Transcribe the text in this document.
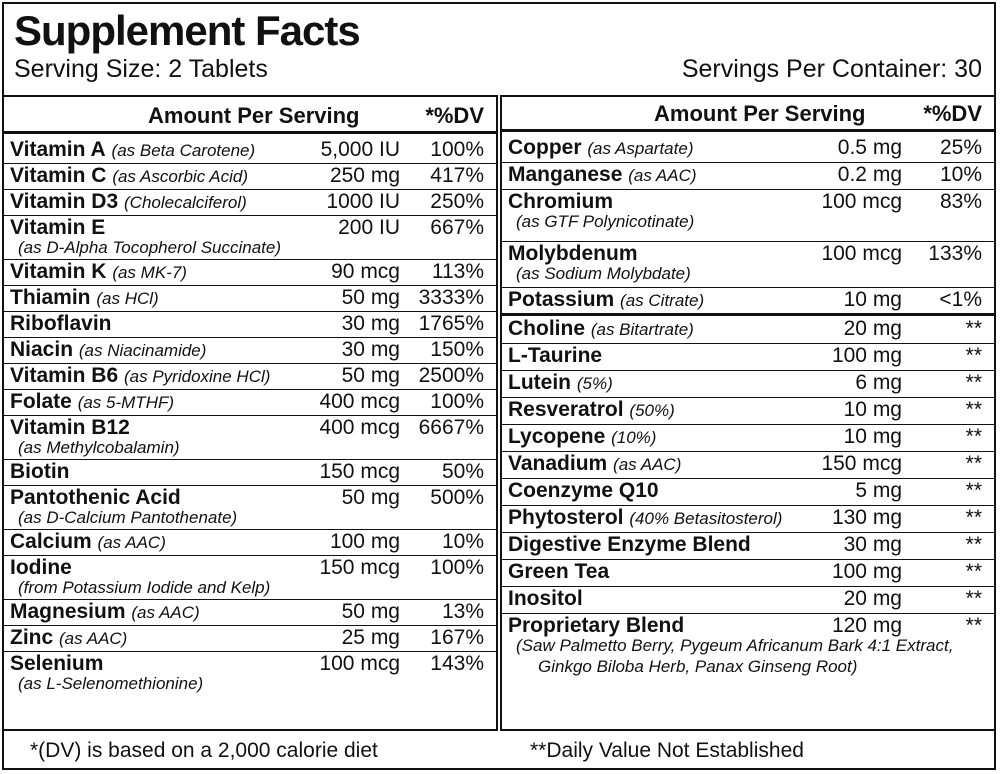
Supplement Facts
Serving Size: 2 Tablets	Servings Per Container: 30
Amount Per Serving	*%DV
Vitamin A (as Beta Carotene)	5,000 IU 100%
Vitamin C (as Ascorbic Acid)	250 mg 417%
Vitamin D3 (Cholecalciferol)	1000 IU 250%
Vitamin E
(as D-Alpha Tocopherol Succinate)
200 IU 667%
Vitamin K (as MK-7)	90 mcg 113%
Thiamin (as HCl)	50 mg 3333%
Riboflavin	30 mg 1765%
Niacin (as Niacinamide)	30 mg 150%
Vitamin B6 (as Pyridoxine HCl)	50 mg 2500%
Folate (as 5-MTHF)	400 mcg 100%
Vitamin B12
(as Methylcobalamin)
400 mcg 6667%
Biotin	150 mcg 50%
Pantothenic Acid
(as D-Calcium Pantothenate)
50 mg 500%
Calcium (as AAC)	100 mg 10%
Iodine
(from Potassium Iodide and Kelp)
150 mcg 100%
Magnesium (as AAC)	50 mg 13%
Zinc (as AAC)	25 mg 167%
Selenium
(as L-Selenomethionine)
100 mcg 143%
Amount Per Serving	*%DV
Copper (as Aspartate)	0.5 mg 25%
Manganese (as AAC)	0.2 mg 10%
Chromium
(as GTF Polynicotinate)
100 mcg 83%
Molybdenum
(as Sodium Molybdate)
100 mcg 133%
Potassium (as Citrate)	10 mg <1%
Choline (as Bitartrate)	20 mg	**
L-Taurine	100 mg	**
Lutein (5%)	6 mg	**
Resveratrol (50%)	10 mg	**
Lycopene (10%)	10 mg	**
Vanadium (as AAC)	150 mcg	**
Coenzyme Q10	5 mg	**
Phytosterol (40% Betasitosterol) 130 mg	**
Digestive Enzyme Blend	30 mg	**
Green Tea	100 mg	**
Inositol	20 mg	**
Proprietary Blend
(Saw Palmetto Berry, Pygeum Africanum Bark 4:1 Extract,
Ginkgo Biloba Herb, Panax Ginseng Root)
120 mg	**
*(DV) is based on a 2,000 calorie diet	**Daily Value Not Established
